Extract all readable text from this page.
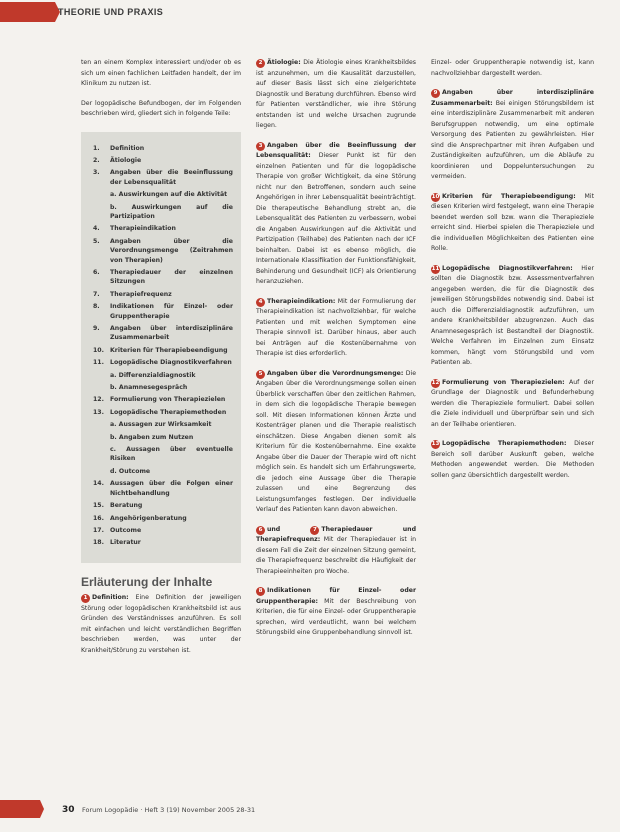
THEORIE UND PRAXIS

ten an einem Komplex interessiert und/oder ob es sich um einen fachlichen Leitfaden handelt, der im Klinikum zu nutzen ist.

Der logopädische Befundbogen, der im Folgenden beschrieben wird, gliedert sich in folgende Teile:

1.	Definition
2.	Ätiologie
3.	Angaben über die Beeinflussung der Lebensqualität
a. Auswirkungen auf die Aktivität
b. Auswirkungen auf die Partizipation
4.	Therapieindikation
5.	Angaben über die Verordnungsmenge (Zeitrahmen von Therapien)
6.	Therapiedauer der einzelnen Sitzungen
7.	Therapiefrequenz
8.	Indikationen für Einzel- oder Gruppentherapie
9.	Angaben über interdisziplinäre Zusammenarbeit
10. Kriterien für Therapiebeendigung
11. Logopädische Diagnostikverfahren
a. Differenzialdiagnostik
b. Anamnesegespräch
12. Formulierung von Therapiezielen
13. Logopädische Therapiemethoden
a. Aussagen zur Wirksamkeit
b. Angaben zum Nutzen
c. Aussagen über eventuelle Risiken
d. Outcome
14. Aussagen über die Folgen einer Nichtbehandlung
15. Beratung
16. Angehörigenberatung
17. Outcome
18. Literatur
Erläuterung der Inhalte

1 Definition: Eine Definition der jeweiligen Störung oder logopädischen Krankheitsbild ist aus Gründen des Verständnisses anzuführen. Es soll mit einfachen und leicht verständlichen Begriffen beschrieben werden, was unter der Krankheit/Störung zu verstehen ist.

2 Ätiologie: Die Ätiologie eines Krankheitsbildes ist anzunehmen, um die Kausalität darzustellen, auf dieser Basis lässt sich eine zielgerichtete Diagnostik und Beratung durchführen. Ebenso wird für Patienten verständlicher, wie ihre Störung entstanden ist und welche Ursachen zugrunde liegen.

3 Angaben über die Beeinflussung der Lebensqualität: Dieser Punkt ist für den einzelnen Patienten und für die logopädische Therapie von großer Wichtigkeit, da eine Störung nicht nur den Betroffenen, sondern auch seine Angehörigen in ihrer Lebensqualität beeinträchtigt. Die therapeutische Behandlung strebt an, die Lebensqualität des Patienten zu verbessern, wobei die Angaben Auswirkungen auf die Aktivität und Partizipation (Teilhabe) des Patienten nach der ICF beinhalten. Dabei ist es ebenso möglich, die Internationale Klassifikation der Funktionsfähigkeit, Behinderung und Gesundheit (ICF) als Orientierung heranzuziehen.

4 Therapieindikation: Mit der Formulierung der Therapieindikation ist nachvollziehbar, für welche Patienten und mit welchen Symptomen eine Therapie sinnvoll ist. Darüber hinaus, aber auch bei Anträgen auf die Kostenübernahme von Therapie ist dies erforderlich.

5 Angaben über die Verordnungsmenge: Die Angaben über die Verordnungsmenge sollen einen Überblick verschaffen über den zeitlichen Rahmen, in dem sich die logopädische Therapie bewegen soll. Mit diesen Informationen können Ärzte und Kostenträger planen und die Therapie realistisch einschätzen. Diese Angaben dienen somit als Kriterium für die Kostenübernahme. Eine exakte Angabe über die Dauer der Therapie wird oft nicht möglich sein. Es handelt sich um Erfahrungswerte, die jedoch eine Aussage über die Therapie zulassen und eine Begrenzung des Leistungsumfanges festlegen. Der individuelle Verlauf des Patienten kann davon abweichen.

6 und	7 Therapiedauer und Therapiefrequenz: Mit der Therapiedauer ist in diesem Fall die Zeit der einzelnen Sitzung gemeint, die Therapiefrequenz beschreibt die Häufigkeit der Therapieeinheiten pro Woche.

8 Indikationen für Einzel- oder Gruppentherapie: Mit der Beschreibung von Kriterien, die für eine Einzel- oder Gruppentherapie sprechen, wird verdeutlicht, wann bei welchem Störungsbild eine Gruppenbehandlung sinnvoll ist.

Einzel- oder Gruppentherapie notwendig ist, kann nachvollziehbar dargestellt werden.

9 Angaben über interdisziplinäre Zusammenarbeit: Bei einigen Störungsbildern ist eine interdisziplinäre Zusammenarbeit mit anderen Berufsgruppen notwendig, um eine optimale Versorgung des Patienten zu gewährleisten. Hier sind die Ansprechpartner mit ihren Aufgaben und Zuständigkeiten aufzuführen, um die Abläufe zu koordinieren und Doppeluntersuchungen zu vermeiden.

10 Kriterien für Therapiebeendigung: Mit diesen Kriterien wird festgelegt, wann eine Therapie beendet werden soll bzw. wann die Therapieziele erreicht sind. Hierbei spielen die Therapieziele und die individuellen Möglichkeiten des Patienten eine Rolle.

11 Logopädische Diagnostikverfahren: Hier sollten die Diagnostik bzw. Assessmentverfahren angegeben werden, die für die Diagnostik des jeweiligen Störungsbildes notwendig sind. Dabei ist auch die Differenzialdiagnostik aufzuführen, um andere Krankheitsbilder abzugrenzen. Auch das Anamnesegespräch ist Bestandteil der Diagnostik. Welche Verfahren im Einzelnen zum Einsatz kommen, hängt vom Störungsbild und vom Patienten ab.

12 Formulierung von Therapiezielen: Auf der Grundlage der Diagnostik und Befunderhebung werden die Therapieziele formuliert. Dabei sollen die Ziele individuell und überprüfbar sein und sich an der Teilhabe orientieren.

13 Logopädische Therapiemethoden: Dieser Bereich soll darüber Auskunft geben, welche Methoden angewendet werden. Die Methoden sollen ganz übersichtlich dargestellt werden.

30 Forum Logopädie · Heft 3 (19) November 2005 28-31
